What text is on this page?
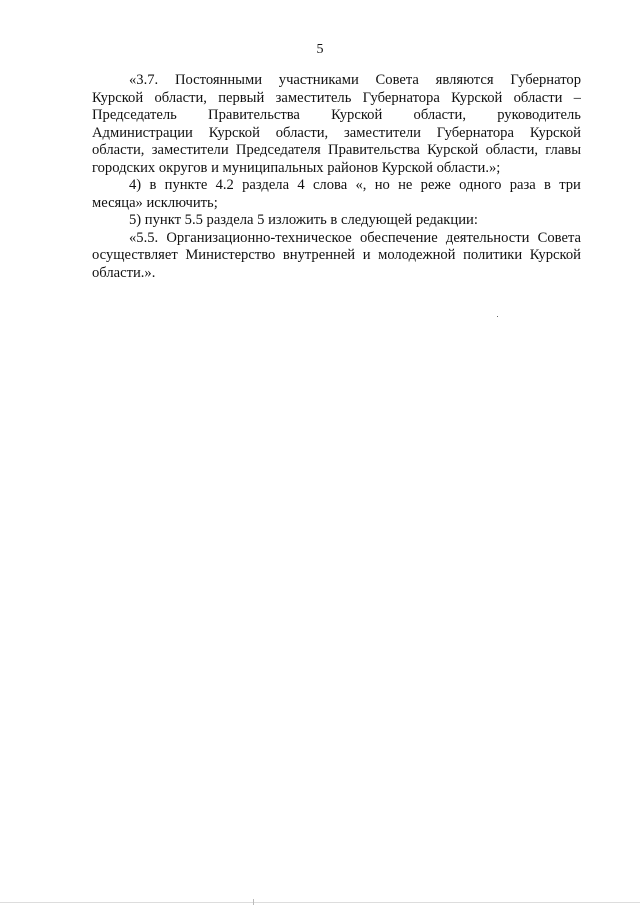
5
«3.7. Постоянными участниками Совета являются Губернатор
Курской области, первый заместитель Губернатора Курской области –
Председатель Правительства Курской области, руководитель
Администрации Курской области, заместители Губернатора Курской
области, заместители Председателя Правительства Курской области, главы
городских округов и муниципальных районов Курской области.»;
4) в пункте 4.2 раздела 4 слова «, но не реже одного раза в три
месяца» исключить;
5) пункт 5.5 раздела 5 изложить в следующей редакции:
«5.5. Организационно-техническое обеспечение деятельности Совета
осуществляет Министерство внутренней и молодежной политики Курской
области.».
